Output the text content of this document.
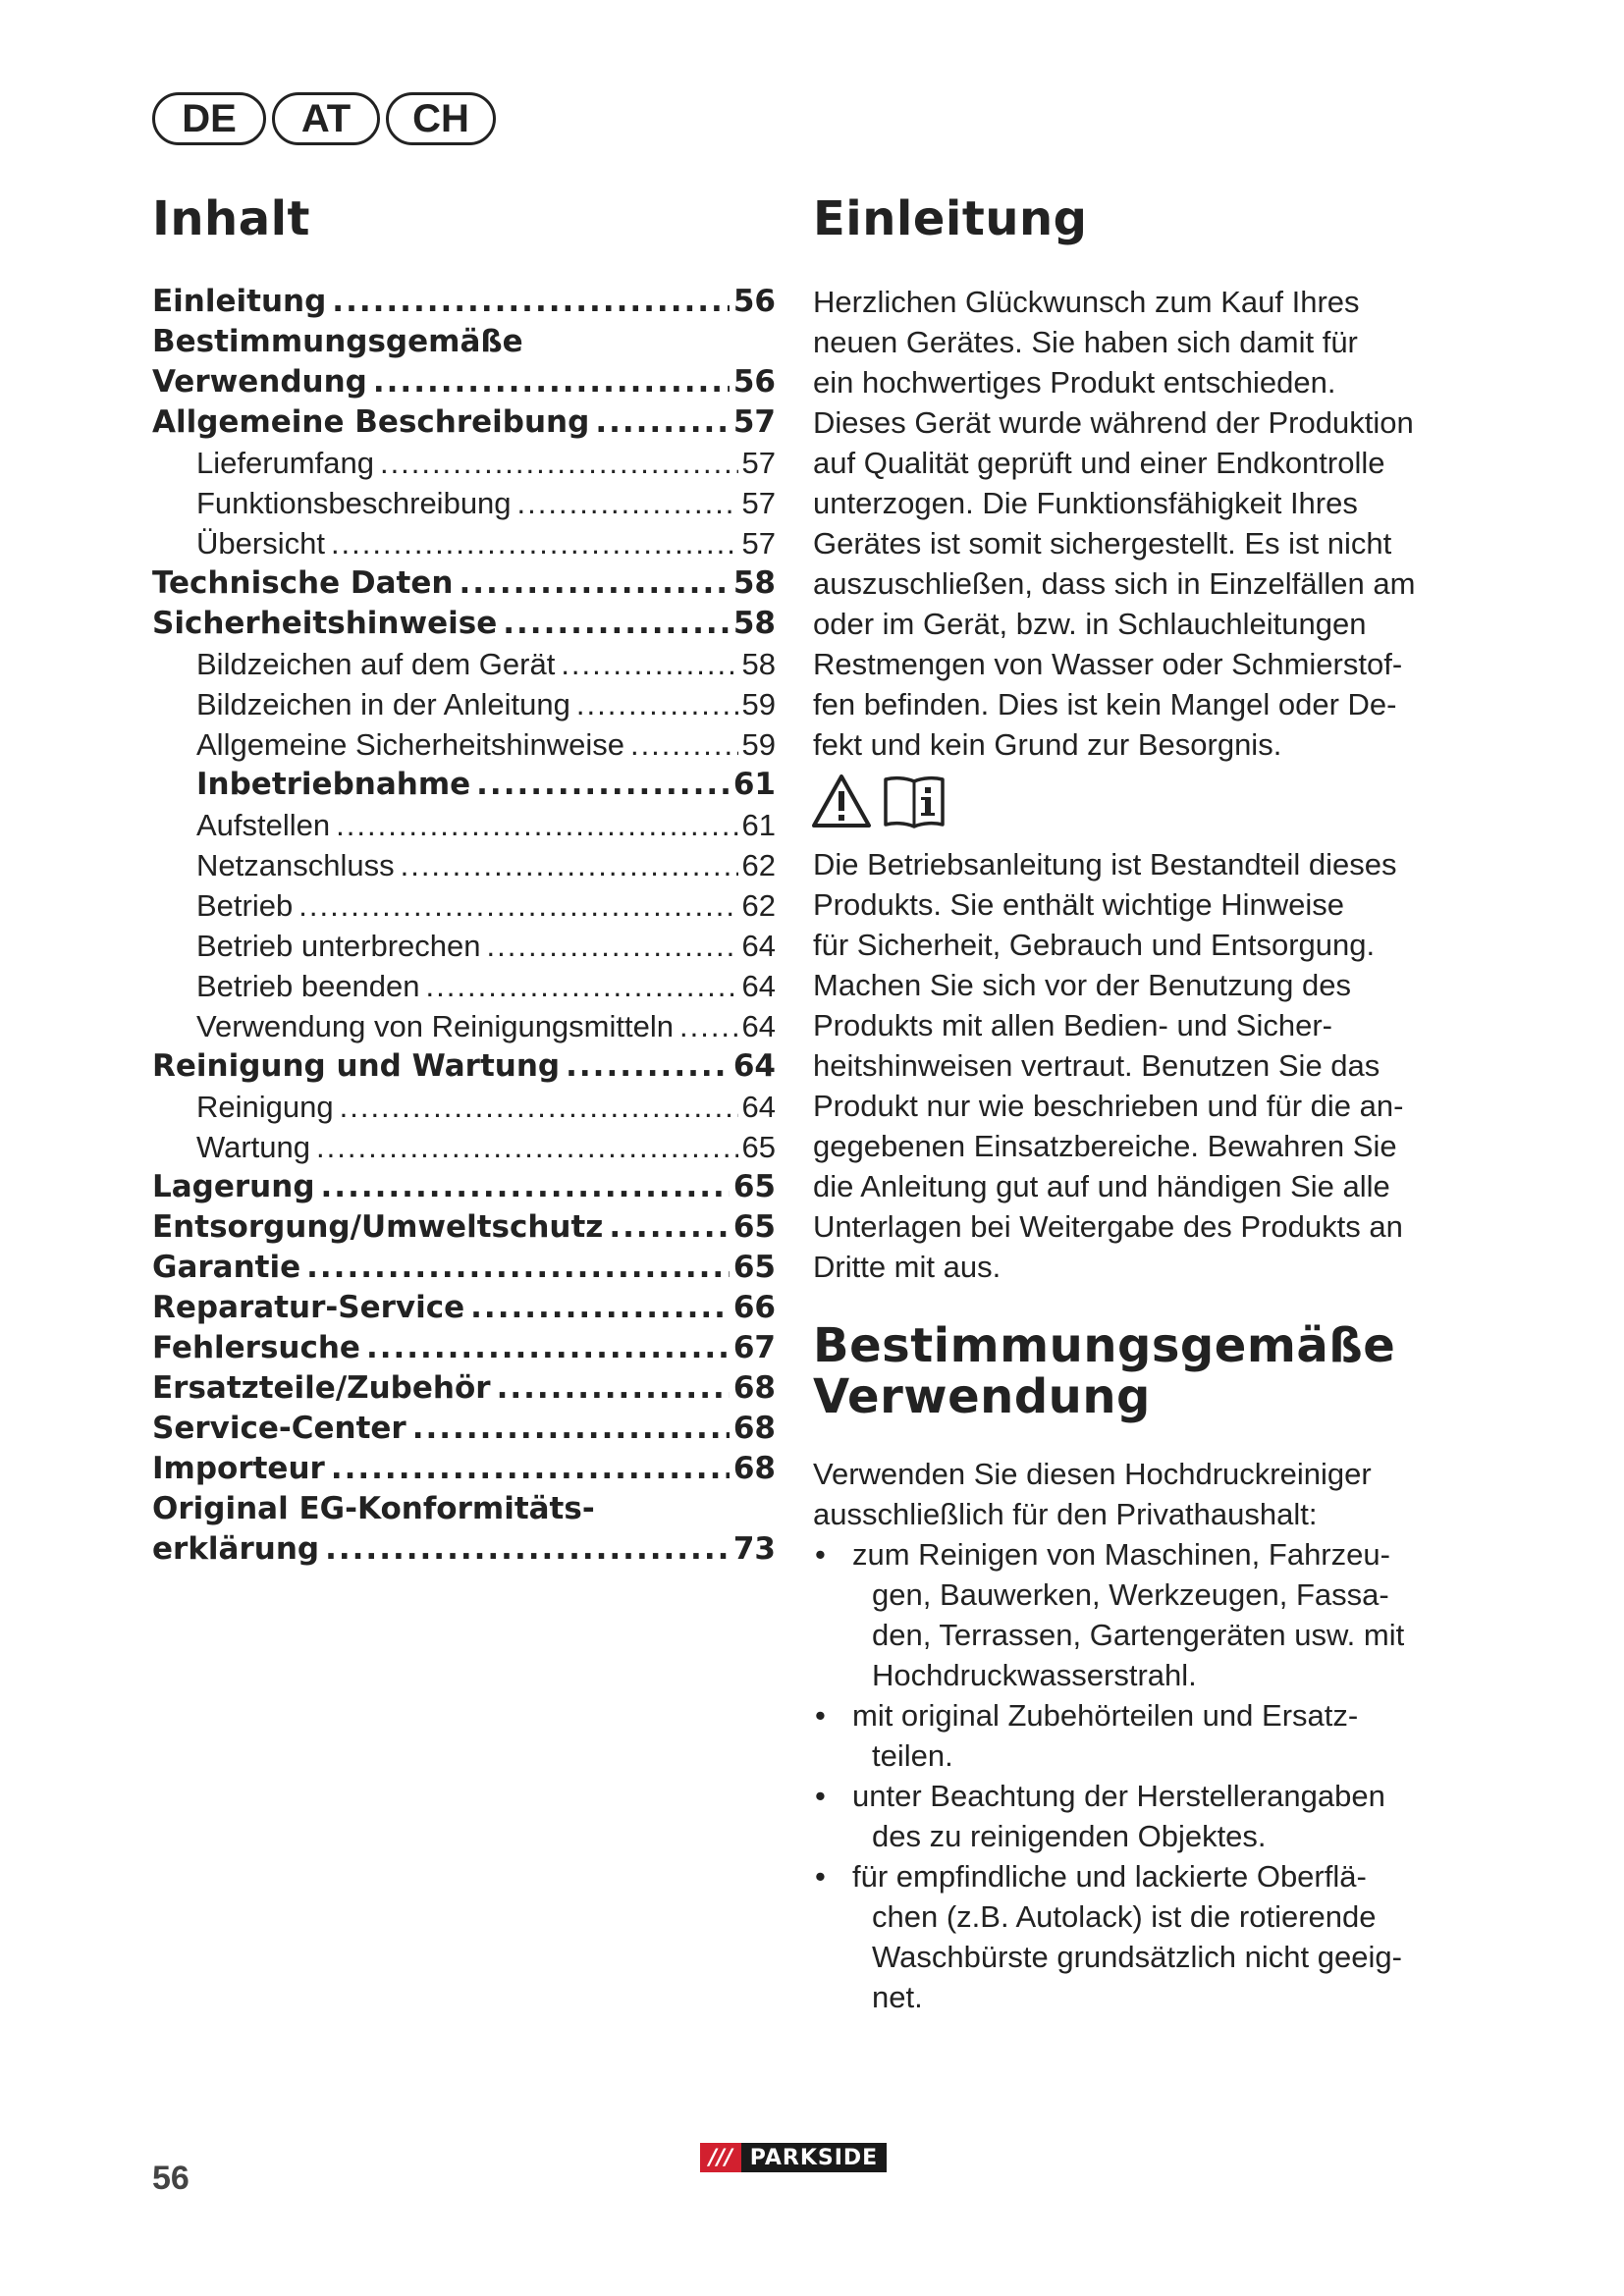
DE	AT	CH
Inhalt
Einleitung .....	56
Bestimmungsgemäße
Verwendung .....	56
Allgemeine Beschreibung .....	57
Lieferumfang .....	57
Funktionsbeschreibung .....	57
Übersicht .....	57
Technische Daten .....	58
Sicherheitshinweise .....	58
Bildzeichen auf dem Gerät .....	58
Bildzeichen in der Anleitung .....	59
Allgemeine Sicherheitshinweise .....	59
Inbetriebnahme .....	61
Aufstellen .....	61
Netzanschluss .....	62
Betrieb .....	62
Betrieb unterbrechen .....	64
Betrieb beenden .....	64
Verwendung von Reinigungsmitteln ..... 64
Reinigung und Wartung .....	64
Reinigung .....	64
Wartung .....	65
Lagerung .....	65
Entsorgung/Umweltschutz .....	65
Garantie .....	65
Reparatur-Service .....	66
Fehlersuche .....	67
Ersatzteile/Zubehör .....	68
Service-Center .....	68
Importeur .....	68
Original EG-Konformitäts-
erklärung .....	73
Einleitung
Herzlichen Glückwunsch zum Kauf Ihres
neuen Gerätes. Sie haben sich damit für
ein hochwertiges Produkt entschieden.
Dieses Gerät wurde während der Produktion
auf Qualität geprüft und einer Endkontrolle
unterzogen. Die Funktionsfähigkeit Ihres
Gerätes ist somit sichergestellt. Es ist nicht
auszuschließen, dass sich in Einzelfällen am
oder im Gerät, bzw. in Schlauchleitungen
Restmengen von Wasser oder Schmierstof-
fen befinden. Dies ist kein Mangel oder De-
fekt und kein Grund zur Besorgnis.
Die Betriebsanleitung ist Bestandteil dieses
Produkts. Sie enthält wichtige Hinweise
für Sicherheit, Gebrauch und Entsorgung.
Machen Sie sich vor der Benutzung des
Produkts mit allen Bedien- und Sicher-
heitshinweisen vertraut. Benutzen Sie das
Produkt nur wie beschrieben und für die an-
gegebenen Einsatzbereiche. Bewahren Sie
die Anleitung gut auf und händigen Sie alle
Unterlagen bei Weitergabe des Produkts an
Dritte mit aus.
Bestimmungsgemäße
Verwendung
Verwenden Sie diesen Hochdruckreiniger
ausschließlich für den Privathaushalt:
• zum Reinigen von Maschinen, Fahrzeu-
gen, Bauwerken, Werkzeugen, Fassa-
den, Terrassen, Gartengeräten usw. mit
Hochdruckwasserstrahl.
• mit original Zubehörteilen und Ersatz-
teilen.
• unter Beachtung der Herstellerangaben
des zu reinigenden Objektes.
• für empfindliche und lackierte Oberflä-
chen (z.B. Autolack) ist die rotierende
Waschbürste grundsätzlich nicht geeig-
net.
56
/// PARKSIDE
